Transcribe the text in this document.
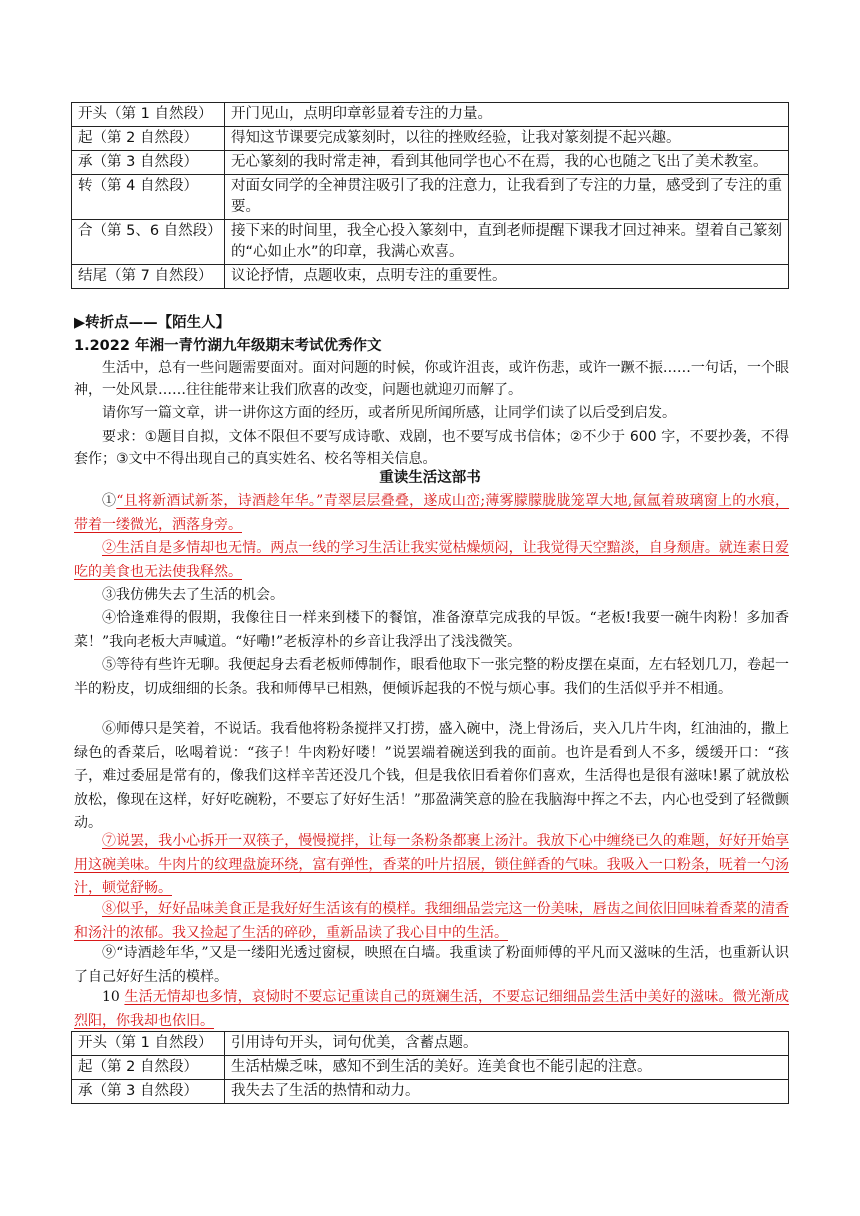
开头（第 1 自然段）	开门见山，点明印章彰显着专注的力量。
起（第 2 自然段）	得知这节课要完成篆刻时，以往的挫败经验，让我对篆刻提不起兴趣。
承（第 3 自然段）	无心篆刻的我时常走神，看到其他同学也心不在焉，我的心也随之飞出了美术教室。
转（第 4 自然段）	对面女同学的全神贯注吸引了我的注意力，让我看到了专注的力量，感受到了专注的重要。
合（第 5、6 自然段）	接下来的时间里，我全心投入篆刻中，直到老师提醒下课我才回过神来。望着自己篆刻的“心如止水”的印章，我满心欢喜。
结尾（第 7 自然段）	议论抒情，点题收束，点明专注的重要性。
▶转折点——【陌生人】
1.2022 年湘一青竹湖九年级期末考试优秀作文
生活中，总有一些问题需要面对。面对问题的时候，你或许沮丧，或许伤悲，或许一蹶不振……一句话，一个眼神，一处风景……往往能带来让我们欣喜的改变，问题也就迎刃而解了。
请你写一篇文章，讲一讲你这方面的经历，或者所见所闻所感，让同学们读了以后受到启发。
要求：①题目自拟，文体不限但不要写成诗歌、戏剧，也不要写成书信体；②不少于 600 字，不要抄袭，不得套作；③文中不得出现自己的真实姓名、校名等相关信息。
重读生活这部书
①“且将新酒试新茶，诗酒趁年华。”青翠层层叠叠，遂成山峦;薄雾朦朦胧胧笼罩大地,氤氲着玻璃窗上的水痕，带着一缕微光，洒落身旁。
②生活自是多情却也无情。两点一线的学习生活让我实觉枯燥烦闷，让我觉得天空黯淡，自身颓唐。就连素日爱吃的美食也无法使我释然。
③我仿佛失去了生活的机会。
④恰逢难得的假期，我像往日一样来到楼下的餐馆，准备潦草完成我的早饭。“老板!我要一碗牛肉粉！多加香菜！”我向老板大声喊道。“好嘞!”老板淳朴的乡音让我浮出了浅浅微笑。
⑤等待有些许无聊。我便起身去看老板师傅制作，眼看他取下一张完整的粉皮摆在桌面，左右轻划几刀，卷起一半的粉皮，切成细细的长条。我和师傅早已相熟，便倾诉起我的不悦与烦心事。我们的生活似乎并不相通。
⑥师傅只是笑着，不说话。我看他将粉条搅拌又打捞，盛入碗中，浇上骨汤后，夹入几片牛肉，红油油的，撒上绿色的香菜后，吆喝着说：“孩子！牛肉粉好喽！”说罢端着碗送到我的面前。也许是看到人不多，缓缓开口：“孩子，难过委屈是常有的，像我们这样辛苦还没几个钱，但是我依旧看着你们喜欢，生活得也是很有滋味!累了就放松放松，像现在这样，好好吃碗粉，不要忘了好好生活！”那盈满笑意的脸在我脑海中挥之不去，内心也受到了轻微颤动。
⑦说罢，我小心拆开一双筷子，慢慢搅拌，让每一条粉条都裹上汤汁。我放下心中缠绕已久的难题，好好开始享用这碗美味。牛肉片的纹理盘旋环绕，富有弹性，香菜的叶片招展，锁住鲜香的气味。我吸入一口粉条，呒着一勺汤汁，顿觉舒畅。
⑧似乎，好好品味美食正是我好好生活该有的模样。我细细品尝完这一份美味，唇齿之间依旧回味着香菜的清香和汤汁的浓郁。我又捡起了生活的碎砂，重新品读了我心目中的生活。
⑨“诗酒趁年华，”又是一缕阳光透过窗棂，映照在白墙。我重读了粉面师傅的平凡而又滋味的生活，也重新认识了自己好好生活的模样。
10 生活无情却也多情，哀恸时不要忘记重读自己的斑斓生活，不要忘记细细品尝生活中美好的滋味。微光渐成烈阳，你我却也依旧。
开头（第 1 自然段）	引用诗句开头，词句优美，含蓄点题。
起（第 2 自然段）	生活枯燥乏味，感知不到生活的美好。连美食也不能引起的注意。
承（第 3 自然段）	我失去了生活的热情和动力。
